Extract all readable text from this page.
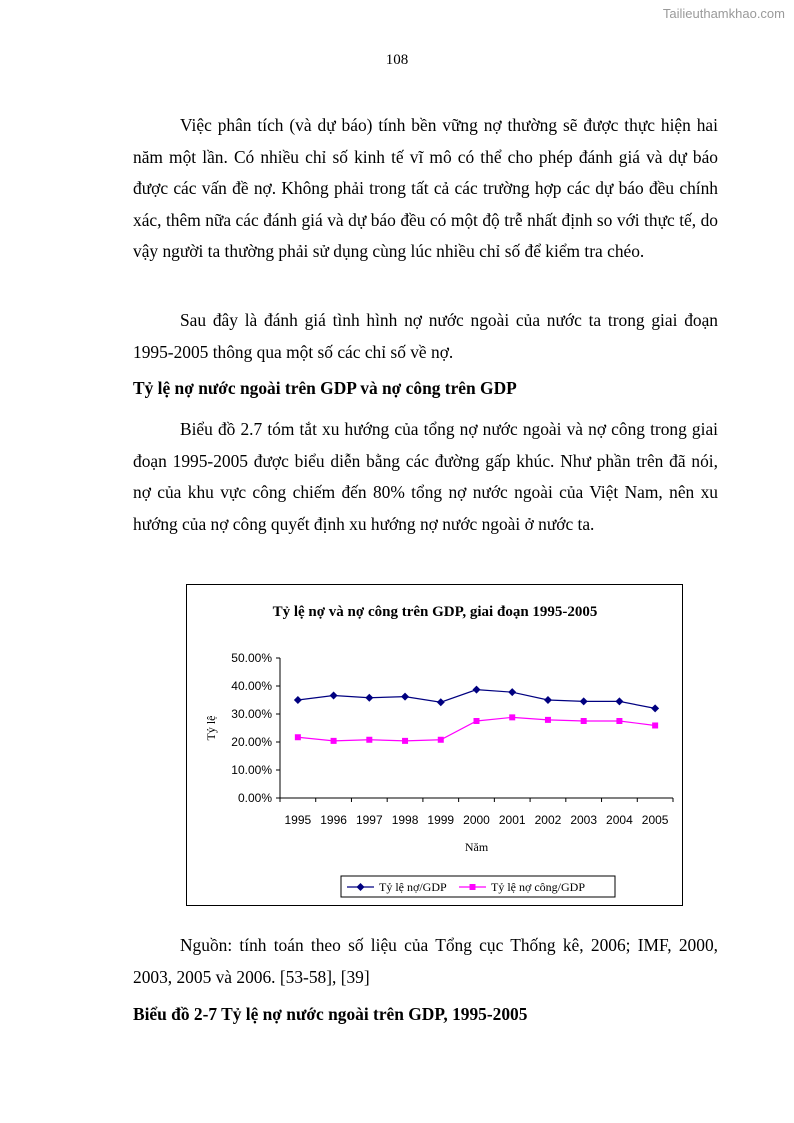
Tailieuthamkhao.com
108

Việc phân tích (và dự báo) tính bền vững nợ thường sẽ được thực hiện hai năm một lần. Có nhiều chỉ số kinh tế vĩ mô có thể cho phép đánh giá và dự báo được các vấn đề nợ. Không phải trong tất cả các trường hợp các dự báo đều chính xác, thêm nữa các đánh giá và dự báo đều có một độ trễ nhất định so với thực tế, do vậy người ta thường phải sử dụng cùng lúc nhiều chỉ số để kiểm tra chéo.

Sau đây là đánh giá tình hình nợ nước ngoài của nước ta trong giai đoạn 1995-2005 thông qua một số các chỉ số về nợ.

Tỷ lệ nợ nước ngoài trên GDP và nợ công trên GDP

Biểu đồ 2.7 tóm tắt xu hướng của tổng nợ nước ngoài và nợ công trong giai đoạn 1995-2005 được biểu diễn bằng các đường gấp khúc. Như phần trên đã nói, nợ của khu vực công chiếm đến 80% tổng nợ nước ngoài của Việt Nam, nên xu hướng của nợ công quyết định xu hướng nợ nước ngoài ở nước ta.

Tỷ lệ nợ và nợ công trên GDP, giai đoạn 1995-2005
0.00%
10.00%
20.00%
30.00%
40.00%
50.00%
1995 1996 1997 1998 1999 2000 2001 2002 2003 2004 2005
Tỷ lệ
Năm
Tỷ lệ nợ/GDP	Tỷ lệ nợ công/GDP

Nguồn: tính toán theo số liệu của Tổng cục Thống kê, 2006; IMF, 2000, 2003, 2005 và 2006. [53-58], [39]

Biểu đồ 2-7 Tỷ lệ nợ nước ngoài trên GDP, 1995-2005
